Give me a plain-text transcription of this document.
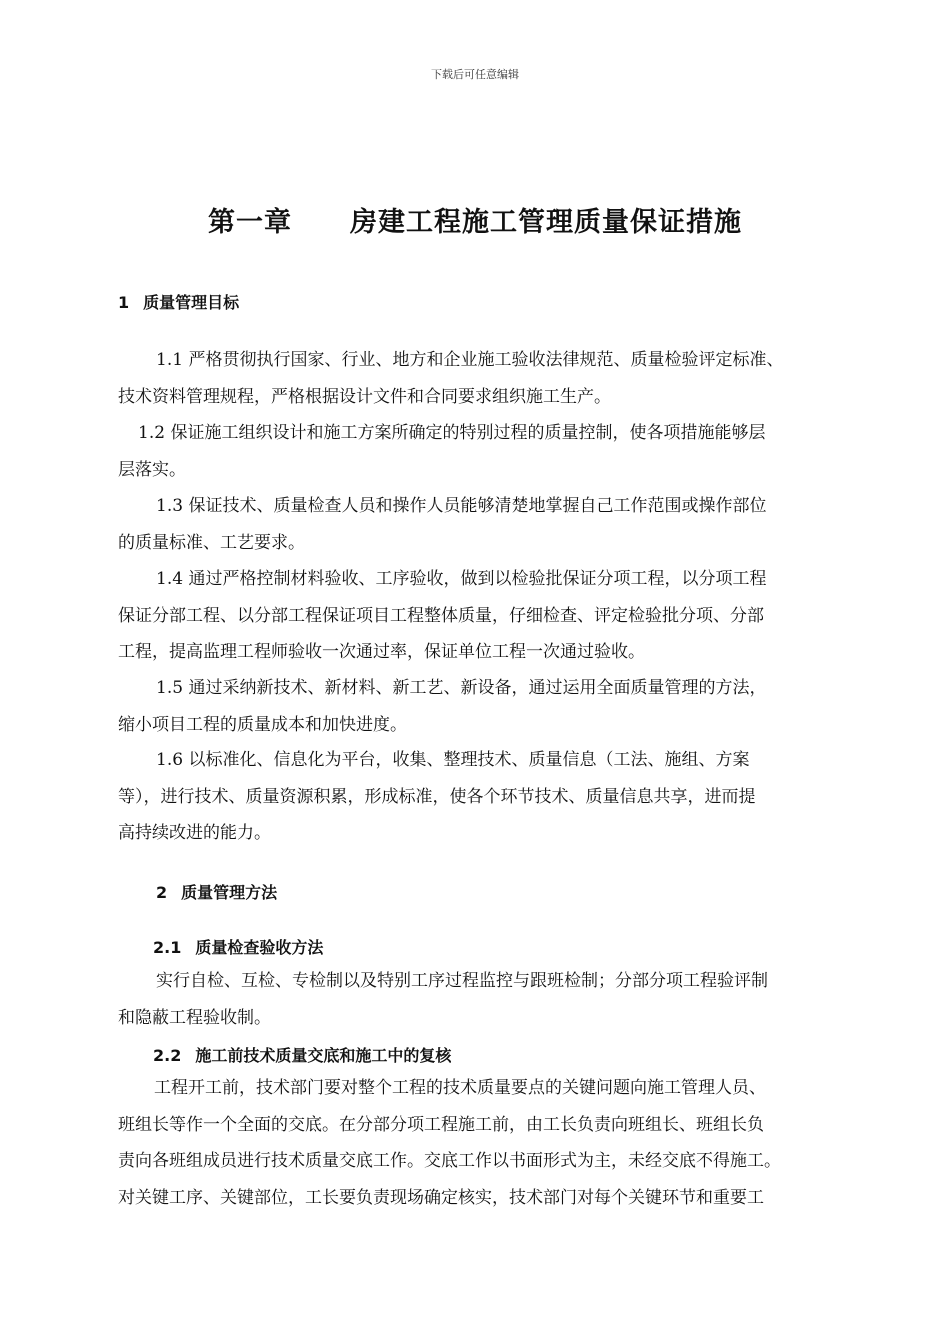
下载后可任意编辑
第一章 房建工程施工管理质量保证措施
1 质量管理目标
1.1 严格贯彻执行国家、行业、地方和企业施工验收法律规范、质量检验评定标准、
技术资料管理规程，严格根据设计文件和合同要求组织施工生产。
1.2 保证施工组织设计和施工方案所确定的特别过程的质量控制，使各项措施能够层
层落实。
1.3 保证技术、质量检查人员和操作人员能够清楚地掌握自己工作范围或操作部位
的质量标准、工艺要求。
1.4 通过严格控制材料验收、工序验收，做到以检验批保证分项工程，以分项工程
保证分部工程、以分部工程保证项目工程整体质量，仔细检查、评定检验批分项、分部
工程，提高监理工程师验收一次通过率，保证单位工程一次通过验收。
1.5 通过采纳新技术、新材料、新工艺、新设备，通过运用全面质量管理的方法，
缩小项目工程的质量成本和加快进度。
1.6 以标准化、信息化为平台，收集、整理技术、质量信息（工法、施组、方案
等），进行技术、质量资源积累，形成标准，使各个环节技术、质量信息共享，进而提
高持续改进的能力。
2 质量管理方法
2.1 质量检查验收方法
实行自检、互检、专检制以及特别工序过程监控与跟班检制；分部分项工程验评制
和隐蔽工程验收制。
2.2 施工前技术质量交底和施工中的复核
工程开工前，技术部门要对整个工程的技术质量要点的关键问题向施工管理人员、
班组长等作一个全面的交底。在分部分项工程施工前，由工长负责向班组长、班组长负
责向各班组成员进行技术质量交底工作。交底工作以书面形式为主，未经交底不得施工。
对关键工序、关键部位，工长要负责现场确定核实，技术部门对每个关键环节和重要工
